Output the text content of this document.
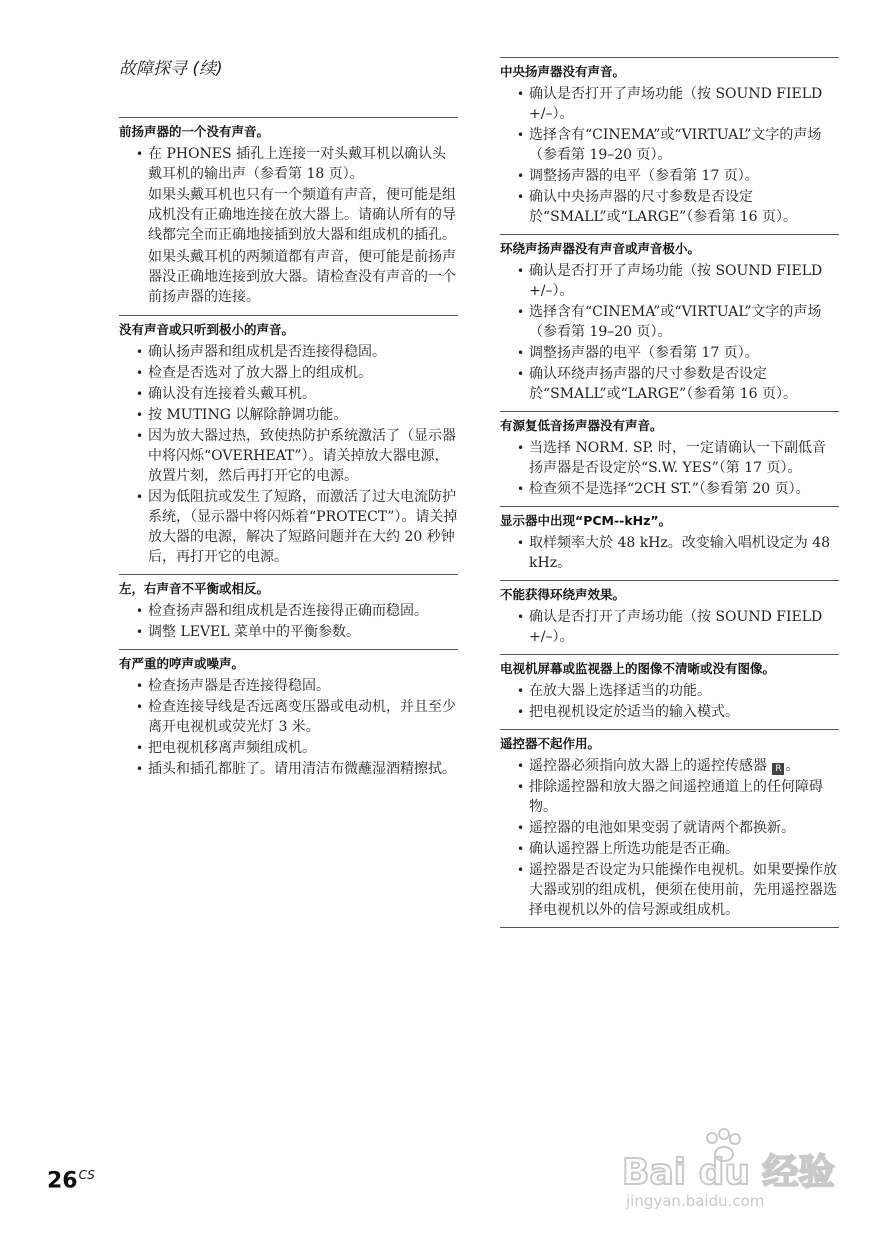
故障探寻 (续)
前扬声器的一个没有声音。
• 在 PHONES 插孔上连接一对头戴耳机以确认头戴耳机的输出声（参看第 18 页）。
如果头戴耳机也只有一个频道有声音，便可能是组成机没有正确地连接在放大器上。请确认所有的导线都完全而正确地接插到放大器和组成机的插孔。
如果头戴耳机的两频道都有声音，便可能是前扬声器没正确地连接到放大器。请检查没有声音的一个前扬声器的连接。
没有声音或只听到极小的声音。
• 确认扬声器和组成机是否连接得稳固。
• 检查是否选对了放大器上的组成机。
• 确认没有连接着头戴耳机。
• 按 MUTING 以解除静调功能。
• 因为放大器过热，致使热防护系统激活了（显示器中将闪烁“OVERHEAT”）。请关掉放大器电源，放置片刻，然后再打开它的电源。
• 因为低阻抗或发生了短路，而激活了过大电流防护系统，（显示器中将闪烁着“PROTECT”）。请关掉放大器的电源，解决了短路问题并在大约 20 秒钟后，再打开它的电源。
左，右声音不平衡或相反。
• 检查扬声器和组成机是否连接得正确而稳固。
• 调整 LEVEL 菜单中的平衡参数。
有严重的哼声或噪声。
• 检查扬声器是否连接得稳固。
• 检查连接导线是否远离变压器或电动机，并且至少离开电视机或荧光灯 3 米。
• 把电视机移离声频组成机。
• 插头和插孔都脏了。请用清洁布微蘸湿酒精擦拭。
中央扬声器没有声音。
• 确认是否打开了声场功能（按 SOUND FIELD +/–）。
• 选择含有“CINEMA”或“VIRTUAL”文字的声场（参看第 19–20 页）。
• 调整扬声器的电平（参看第 17 页）。
• 确认中央扬声器的尺寸参数是否设定於“SMALL”或“LARGE”（参看第 16 页）。
环绕声扬声器没有声音或声音极小。
• 确认是否打开了声场功能（按 SOUND FIELD +/–）。
• 选择含有“CINEMA”或“VIRTUAL”文字的声场（参看第 19–20 页）。
• 调整扬声器的电平（参看第 17 页）。
• 确认环绕声扬声器的尺寸参数是否设定於“SMALL”或“LARGE”（参看第 16 页）。
有源复低音扬声器没有声音。
• 当选择 NORM. SP. 时，一定请确认一下副低音扬声器是否设定於“S.W. YES”（第 17 页）。
• 检查须不是选择“2CH ST.”（参看第 20 页）。
显示器中出现“PCM--kHz”。
• 取样频率大於 48 kHz。改变输入唱机设定为 48 kHz。
不能获得环绕声效果。
• 确认是否打开了声场功能（按 SOUND FIELD +/–）。
电视机屏幕或监视器上的图像不清晰或没有图像。
• 在放大器上选择适当的功能。
• 把电视机设定於适当的输入模式。
遥控器不起作用。
• 遥控器必须指向放大器上的遥控传感器 R 。
• 排除遥控器和放大器之间遥控通道上的任何障碍物。
• 遥控器的电池如果变弱了就请两个都换新。
• 确认遥控器上所选功能是否正确。
• 遥控器是否设定为只能操作电视机。如果要操作放大器或别的组成机，便须在使用前，先用遥控器选择电视机以外的信号源或组成机。
$26^{CS}$	Bai du 经验
jingyan.baidu.com
